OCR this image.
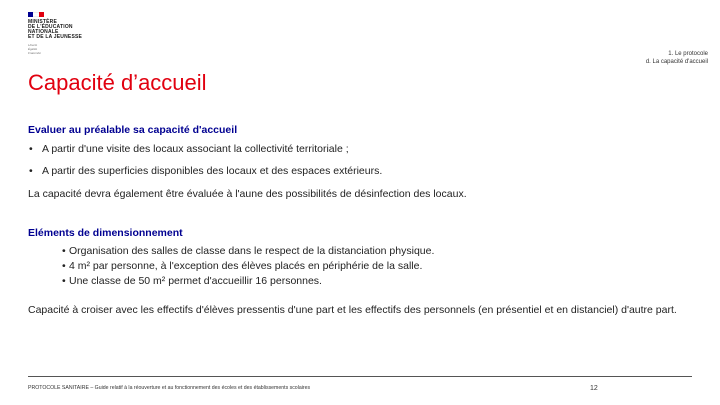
MINISTÈRE
DE L'ÉDUCATION
NATIONALE
ET DE LA JEUNESSE
Liberté
Égalité
Fraternité	1. Le protocole
d. La capacité d'accueil
Capacité d’accueil

Evaluer au préalable sa capacité d'accueil

• A partir d'une visite des locaux associant la collectivité territoriale ;
• A partir des superficies disponibles des locaux et des espaces extérieurs.

La capacité devra également être évaluée à l'aune des possibilités de désinfection des locaux.

Eléments de dimensionnement

• Organisation des salles de classe dans le respect de la distanciation physique.
• 4 m² par personne, à l'exception des élèves placés en périphérie de la salle.
• Une classe de 50 m² permet d'accueillir 16 personnes.

Capacité à croiser avec les effectifs d'élèves pressentis d'une part et les effectifs des personnels (en présentiel et en distanciel) d'autre part.

PROTOCOLE SANITAIRE – Guide relatif à la réouverture et au fonctionnement des écoles et des établissements scolaires	12
